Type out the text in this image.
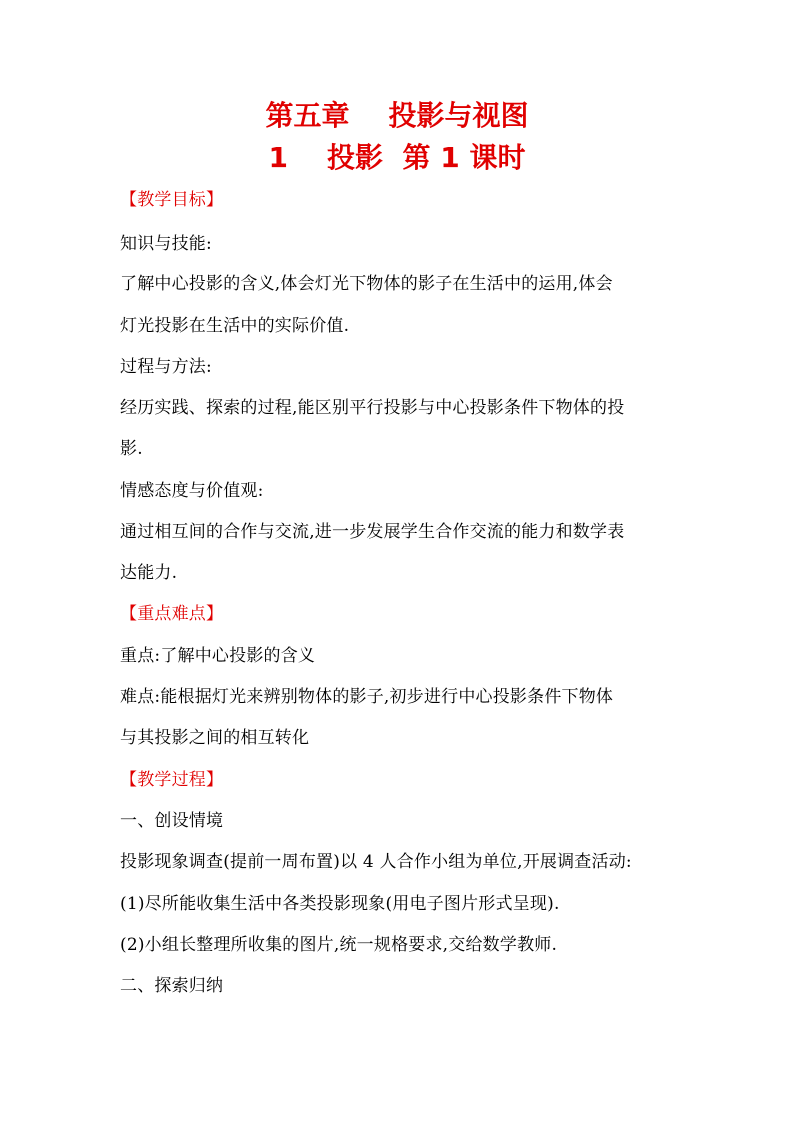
第五章    投影与视图
1    投影  第 1 课时
【教学目标】
知识与技能:
了解中心投影的含义,体会灯光下物体的影子在生活中的运用,体会
灯光投影在生活中的实际价值.
过程与方法:
经历实践、探索的过程,能区别平行投影与中心投影条件下物体的投
影.
情感态度与价值观:
通过相互间的合作与交流,进一步发展学生合作交流的能力和数学表
达能力.
【重点难点】
重点:了解中心投影的含义
难点:能根据灯光来辨别物体的影子,初步进行中心投影条件下物体
与其投影之间的相互转化
【教学过程】
一、创设情境
投影现象调查(提前一周布置)以 4 人合作小组为单位,开展调查活动:
(1)尽所能收集生活中各类投影现象(用电子图片形式呈现).
(2)小组长整理所收集的图片,统一规格要求,交给数学教师.
二、探索归纳
